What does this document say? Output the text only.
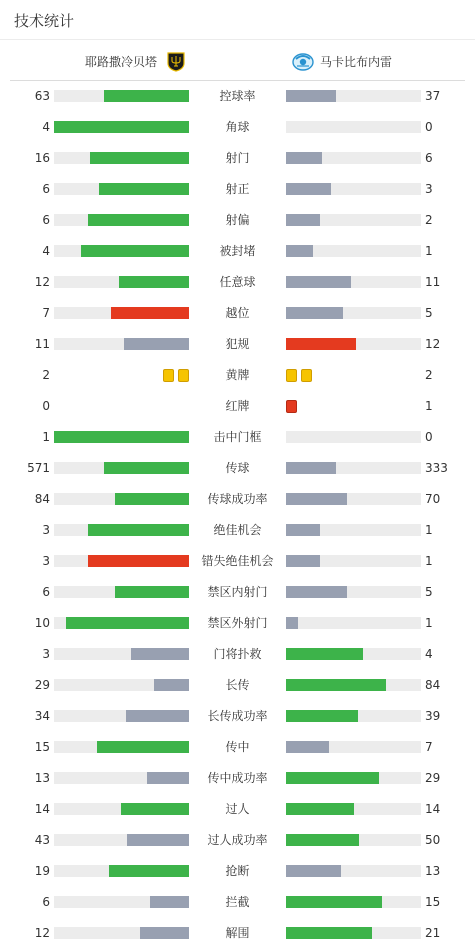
技术统计
耶路撒冷贝塔	马卡比布内雷
63	控球率	37
4	角球	0
16	射门	6
6	射正	3
6	射偏	2
4	被封堵	1
12	任意球	11
7	越位	5
11	犯规	12
2	黄牌	2
0	红牌	1
1	击中门框	0
571	传球	333
84	传球成功率	70
3	绝佳机会	1
3	错失绝佳机会	1
6	禁区内射门	5
10	禁区外射门	1
3	门将扑救	4
29	长传	84
34	长传成功率	39
15	传中	7
13	传中成功率	29
14	过人	14
43	过人成功率	50
19	抢断	13
6	拦截	15
12	解围	21
